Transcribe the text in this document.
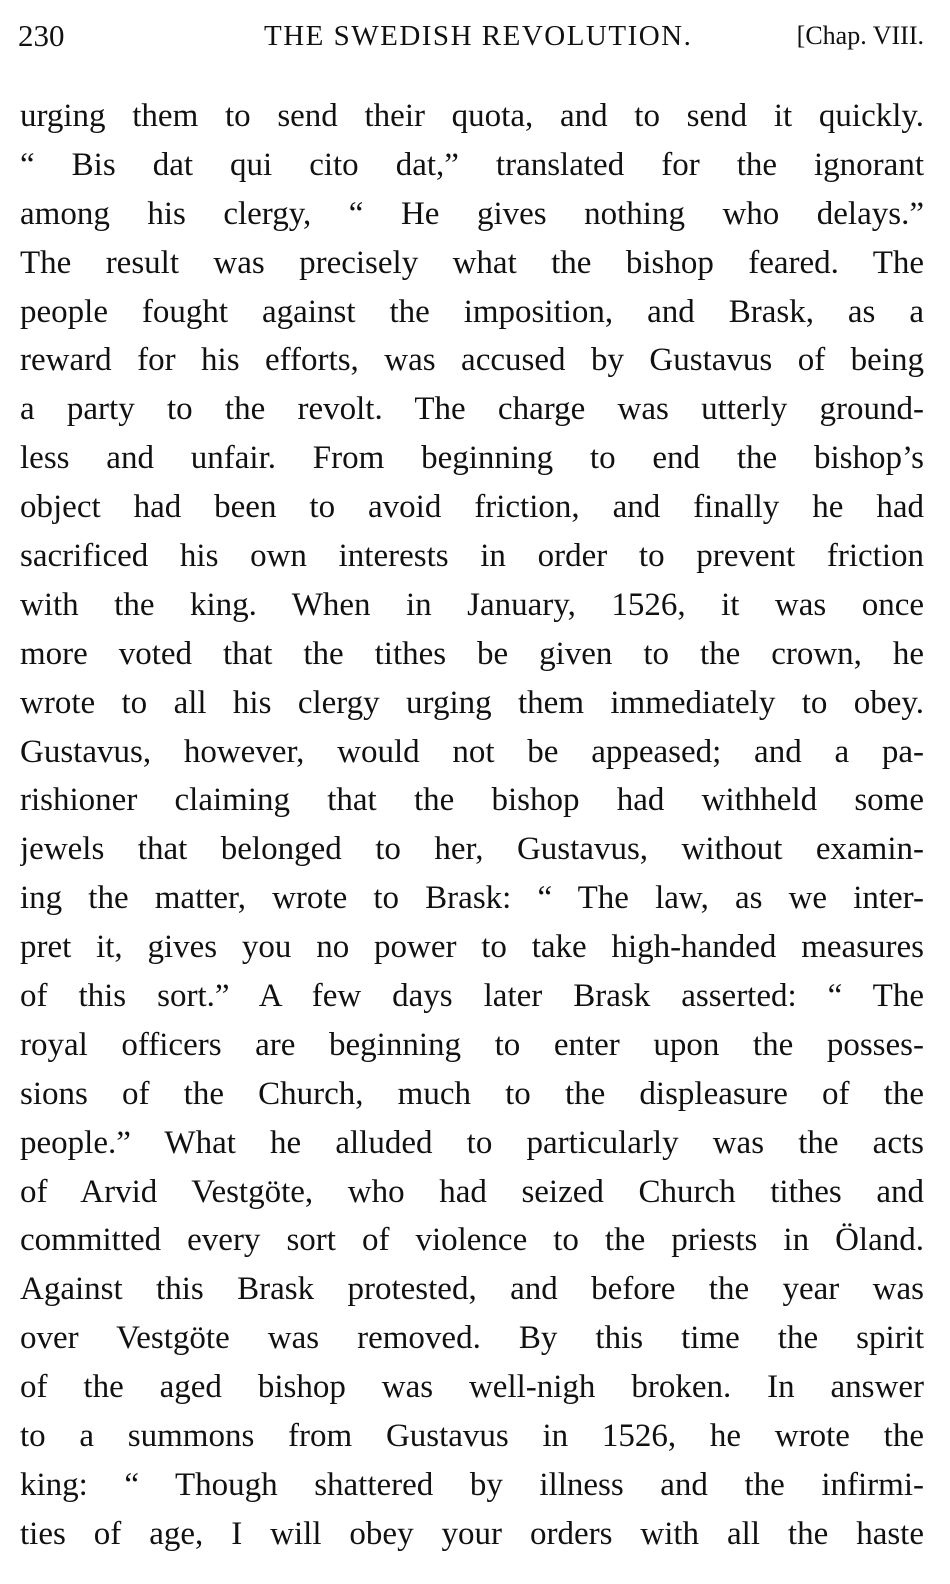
230	THE SWEDISH REVOLUTION.	[Chap. VIII.
urging them to send their quota, and to send it quickly.
“ Bis dat qui cito dat,” translated for the ignorant
among his clergy, “ He gives nothing who delays.”
The result was precisely what the bishop feared. The
people fought against the imposition, and Brask, as a
reward for his efforts, was accused by Gustavus of being
a party to the revolt. The charge was utterly ground-
less and unfair. From beginning to end the bishop’s
object had been to avoid friction, and finally he had
sacrificed his own interests in order to prevent friction
with the king. When in January, 1526, it was once
more voted that the tithes be given to the crown, he
wrote to all his clergy urging them immediately to obey.
Gustavus, however, would not be appeased; and a pa-
rishioner claiming that the bishop had withheld some
jewels that belonged to her, Gustavus, without examin-
ing the matter, wrote to Brask: “ The law, as we inter-
pret it, gives you no power to take high-handed measures
of this sort.” A few days later Brask asserted: “ The
royal officers are beginning to enter upon the posses-
sions of the Church, much to the displeasure of the
people.” What he alluded to particularly was the acts
of Arvid Vestgöte, who had seized Church tithes and
committed every sort of violence to the priests in Öland.
Against this Brask protested, and before the year was
over Vestgöte was removed. By this time the spirit
of the aged bishop was well-nigh broken. In answer
to a summons from Gustavus in 1526, he wrote the
king: “ Though shattered by illness and the infirmi-
ties of age, I will obey your orders with all the haste
